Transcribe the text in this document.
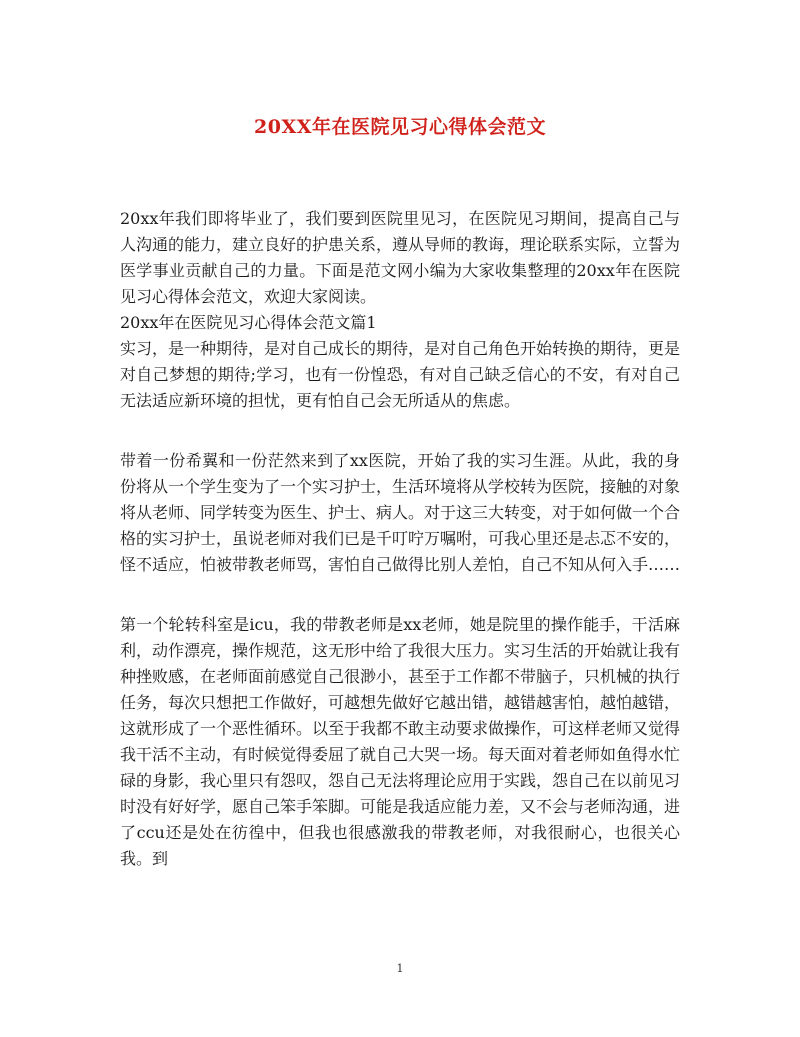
20XX年在医院见习心得体会范文

20xx年我们即将毕业了，我们要到医院里见习，在医院见习期间，提高自己与人沟通的能力，建立良好的护患关系，遵从导师的教诲，理论联系实际，立誓为医学事业贡献自己的力量。下面是范文网小编为大家收集整理的20xx年在医院见习心得体会范文，欢迎大家阅读。

20xx年在医院见习心得体会范文篇1

实习，是一种期待，是对自己成长的期待，是对自己角色开始转换的期待，更是对自己梦想的期待;学习，也有一份惶恐，有对自己缺乏信心的不安，有对自己无法适应新环境的担忧，更有怕自己会无所适从的焦虑。

带着一份希翼和一份茫然来到了xx医院，开始了我的实习生涯。从此，我的身份将从一个学生变为了一个实习护士，生活环境将从学校转为医院，接触的对象将从老师、同学转变为医生、护士、病人。对于这三大转变，对于如何做一个合格的实习护士，虽说老师对我们已是千叮咛万嘱咐，可我心里还是忐忑不安的，怪不适应，怕被带教老师骂，害怕自己做得比别人差怕，自己不知从何入手……

第一个轮转科室是icu，我的带教老师是xx老师，她是院里的操作能手，干活麻利，动作漂亮，操作规范，这无形中给了我很大压力。实习生活的开始就让我有种挫败感，在老师面前感觉自己很渺小，甚至于工作都不带脑子，只机械的执行任务，每次只想把工作做好，可越想先做好它越出错，越错越害怕，越怕越错，这就形成了一个恶性循环。以至于我都不敢主动要求做操作，可这样老师又觉得我干活不主动，有时候觉得委屈了就自己大哭一场。每天面对着老师如鱼得水忙碌的身影，我心里只有怨叹，怨自己无法将理论应用于实践，怨自己在以前见习时没有好好学，愿自己笨手笨脚。可能是我适应能力差，又不会与老师沟通，进了ccu还是处在彷徨中，但我也很感激我的带教老师，对我很耐心，也很关心我。到

1
